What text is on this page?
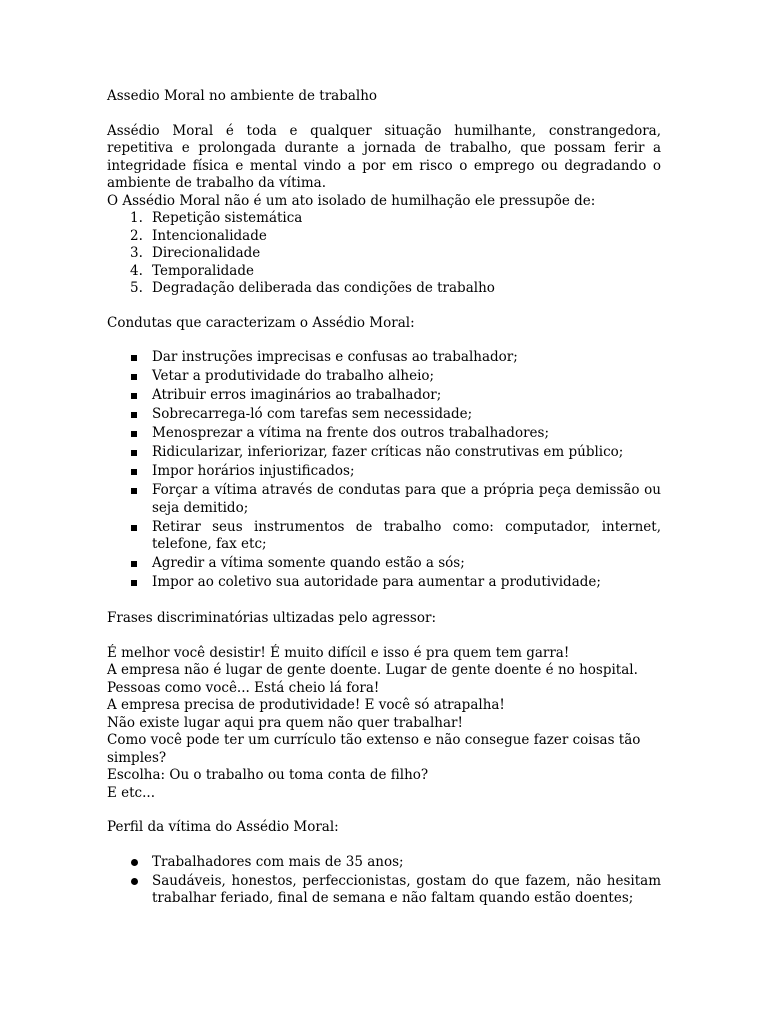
Assedio Moral no ambiente de trabalho

Assédio Moral é toda e qualquer situação humilhante, constrangedora, repetitiva e prolongada durante a jornada de trabalho, que possam ferir a integridade física e mental vindo a por em risco o emprego ou degradando o ambiente de trabalho da vítima.

O Assédio Moral não é um ato isolado de humilhação ele pressupõe de:

1. Repetição sistemática
2. Intencionalidade
3. Direcionalidade
4. Temporalidade
5. Degradação deliberada das condições de trabalho

Condutas que caracterizam o Assédio Moral:

Dar instruções imprecisas e confusas ao trabalhador;
Vetar a produtividade do trabalho alheio;
Atribuir erros imaginários ao trabalhador;
Sobrecarrega-ló com tarefas sem necessidade;
Menosprezar a vítima na frente dos outros trabalhadores;
Ridicularizar, inferiorizar, fazer críticas não construtivas em público;
Impor horários injustificados;
Forçar a vítima através de condutas para que a própria peça demissão ou seja demitido;
Retirar seus instrumentos de trabalho como: computador, internet, telefone, fax etc;
Agredir a vítima somente quando estão a sós;
Impor ao coletivo sua autoridade para aumentar a produtividade;

Frases discriminatórias ultizadas pelo agressor:

É melhor você desistir! É muito difícil e isso é pra quem tem garra!

A empresa não é lugar de gente doente. Lugar de gente doente é no hospital.

Pessoas como você... Está cheio lá fora!

A empresa precisa de produtividade! E você só atrapalha!

Não existe lugar aqui pra quem não quer trabalhar!

Como você pode ter um currículo tão extenso e não consegue fazer coisas tão simples?

Escolha: Ou o trabalho ou toma conta de filho?

E etc...

Perfil da vítima do Assédio Moral:

Trabalhadores com mais de 35 anos;
Saudáveis, honestos, perfeccionistas, gostam do que fazem, não hesitam trabalhar feriado, final de semana e não faltam quando estão doentes;
